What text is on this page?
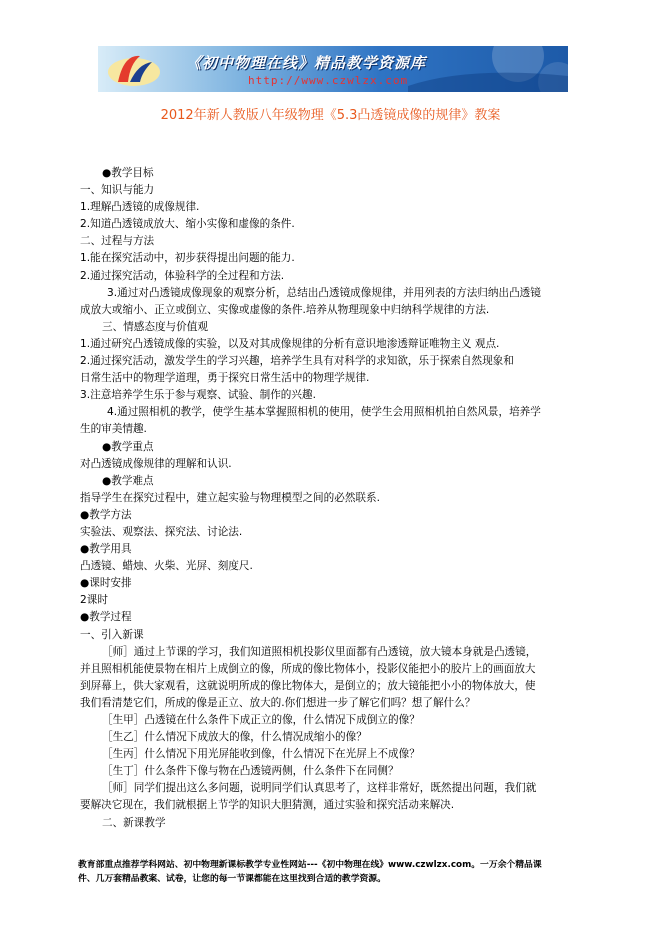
《初中物理在线》精品教学资源库
http://www.czwlzx.com
2012年新人教版八年级物理《5.3凸透镜成像的规律》教案
●教学目标
一、知识与能力
1.理解凸透镜的成像规律.
2.知道凸透镜成放大、缩小实像和虚像的条件.
二、过程与方法
1.能在探究活动中，初步获得提出问题的能力.
2.通过探究活动，体验科学的全过程和方法.
3.通过对凸透镜成像现象的观察分析，总结出凸透镜成像规律，并用列表的方法归纳出凸透镜
成放大或缩小、正立或倒立、实像或虚像的条件.培养从物理现象中归纳科学规律的方法.
三、情感态度与价值观
1.通过研究凸透镜成像的实验，以及对其成像规律的分析有意识地渗透辩证唯物主义 观点.
2.通过探究活动，激发学生的学习兴趣，培养学生具有对科学的求知欲，乐于探索自然现象和
日常生活中的物理学道理，勇于探究日常生活中的物理学规律.
3.注意培养学生乐于参与观察、试验、制作的兴趣.
4.通过照相机的教学，使学生基本掌握照相机的使用，使学生会用照相机拍自然风景，培养学
生的审美情趣.
●教学重点
对凸透镜成像规律的理解和认识.
●教学难点
指导学生在探究过程中，建立起实验与物理模型之间的必然联系.
●教学方法
实验法、观察法、探究法、讨论法.
●教学用具
凸透镜、蜡烛、火柴、光屏、刻度尺.
●课时安排
2课时
●教学过程
一、引入新课
［师］通过上节课的学习，我们知道照相机投影仪里面都有凸透镜，放大镜本身就是凸透镜，
并且照相机能使景物在相片上成倒立的像，所成的像比物体小，投影仪能把小的胶片上的画面放大
到屏幕上，供大家观看，这就说明所成的像比物体大，是倒立的；放大镜能把小小的物体放大，使
我们看清楚它们，所成的像是正立、放大的.你们想进一步了解它们吗？想了解什么？
［生甲］凸透镜在什么条件下成正立的像，什么情况下成倒立的像？
［生乙］什么情况下成放大的像，什么情况成缩小的像？
［生丙］什么情况下用光屏能收到像，什么情况下在光屏上不成像？
［生丁］什么条件下像与物在凸透镜两侧，什么条件下在同侧？
［师］同学们提出这么多问题，说明同学们认真思考了，这样非常好，既然提出问题，我们就
要解决它现在，我们就根据上节学的知识大胆猜测，通过实验和探究活动来解决.
二、新课教学
教育部重点推荐学科网站、初中物理新课标教学专业性网站---《初中物理在线》www.czwlzx.com。一万余个精品课
件、几万套精品教案、试卷，让您的每一节课都能在这里找到合适的教学资源。
